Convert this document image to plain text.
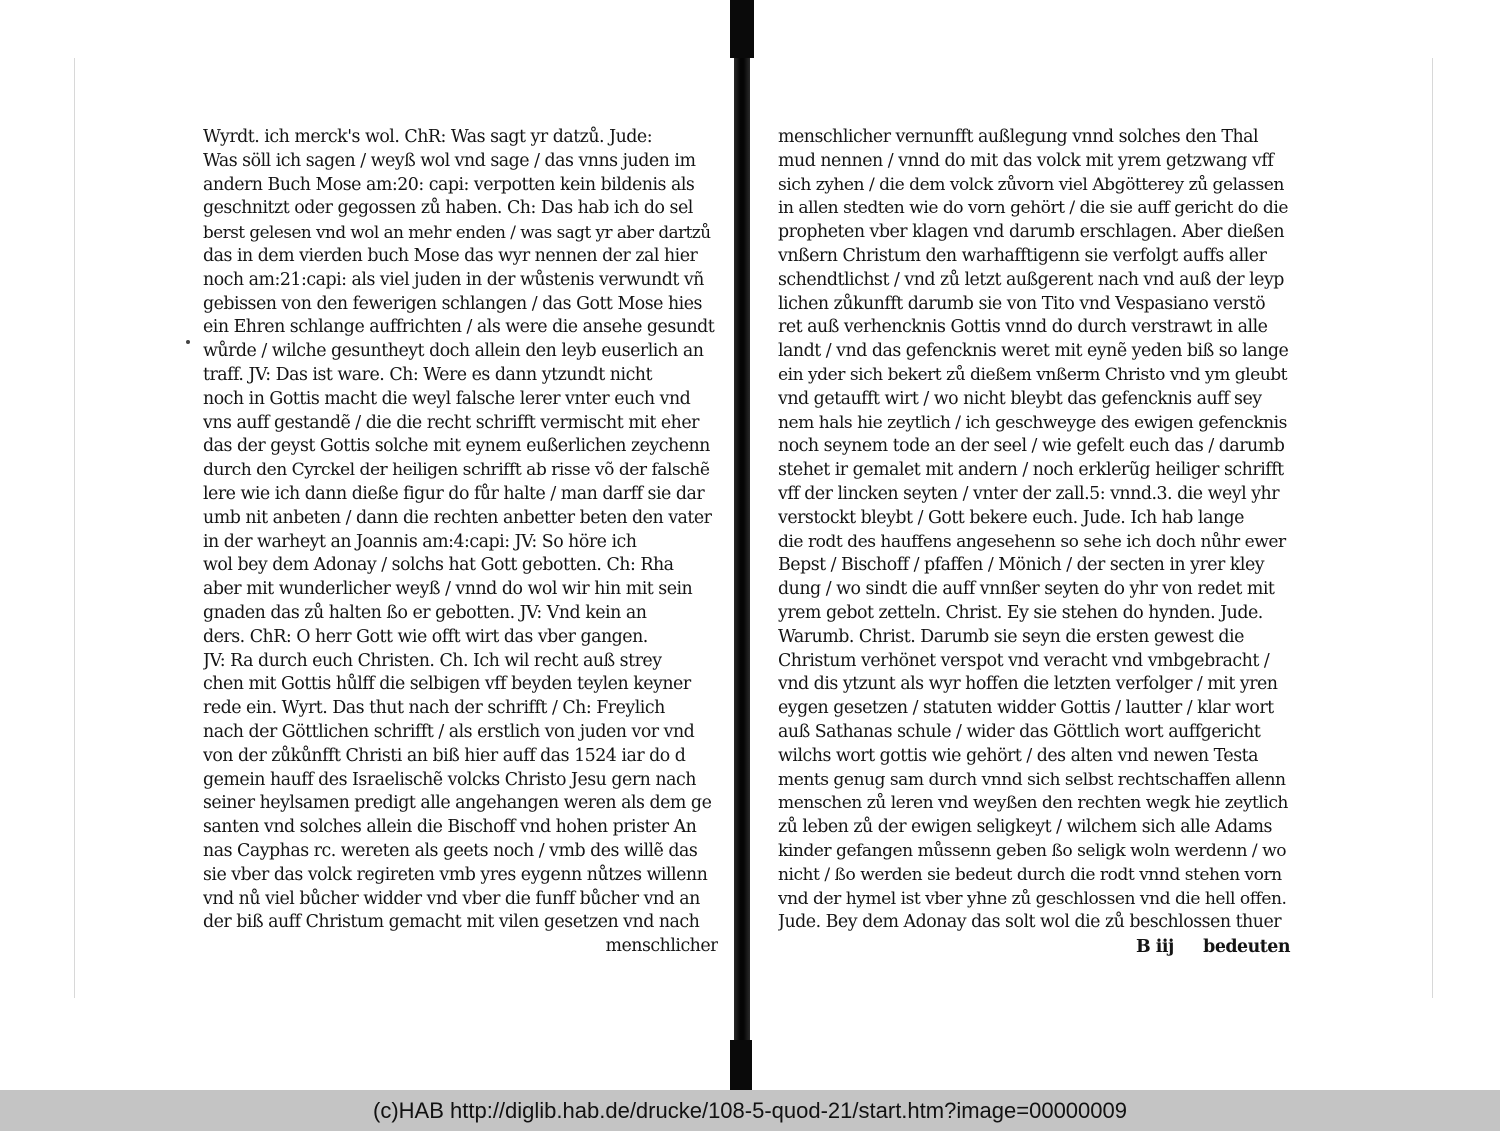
Wyrdt. ich merck's wol. ChR: Was sagt yr datzů. Jude:
Was söll ich sagen / weyß wol vnd sage / das vnns juden im
andern Buch Mose am:20: capi: verpotten kein bildenis als
geschnitzt oder gegossen zů haben. Ch: Das hab ich do sel
berst gelesen vnd wol an mehr enden / was sagt yr aber dartzů
das in dem vierden buch Mose das wyr nennen der zal hier
noch am:21:capi: als viel juden in der wůstenis verwundt vñ
gebissen von den fewerigen schlangen / das Gott Mose hies
ein Ehren schlange auffrichten / als were die ansehe gesundt
wůrde / wilche gesuntheyt doch allein den leyb euserlich an
traff. JV: Das ist ware. Ch: Were es dann ytzundt nicht
noch in Gottis macht die weyl falsche lerer vnter euch vnd
vns auff gestandẽ / die die recht schrifft vermischt mit eher
das der geyst Gottis solche mit eynem eußerlichen zeychenn
durch den Cyrckel der heiligen schrifft ab risse võ der falschẽ
lere wie ich dann dieße figur do fůr halte / man darff sie dar
umb nit anbeten / dann die rechten anbetter beten den vater
in der warheyt an Joannis am:4:capi: JV: So höre ich
wol bey dem Adonay / solchs hat Gott gebotten. Ch: Rha
aber mit wunderlicher weyß / vnnd do wol wir hin mit sein
gnaden das zů halten ßo er gebotten. JV: Vnd kein an
ders. ChR: O herr Gott wie offt wirt das vber gangen.
JV: Ra durch euch Christen. Ch. Ich wil recht auß strey
chen mit Gottis hůlff die selbigen vff beyden teylen keyner
rede ein. Wyrt. Das thut nach der schrifft / Ch: Freylich
nach der Göttlichen schrifft / als erstlich von juden vor vnd
von der zůkůnfft Christi an biß hier auff das 1524 iar do d
gemein hauff des Israelischẽ volcks Christo Jesu gern nach
seiner heylsamen predigt alle angehangen weren als dem ge
santen vnd solches allein die Bischoff vnd hohen prister An
nas Cayphas rc. wereten als geets noch / vmb des willẽ das
sie vber das volck regireten vmb yres eygenn nůtzes willenn
vnd nů viel bůcher widder vnd vber die funff bůcher vnd an
der biß auff Christum gemacht mit vilen gesetzen vnd nach
menschlicher
menschlicher vernunfft außlegung vnnd solches den Thal
mud nennen / vnnd do mit das volck mit yrem getzwang vff
sich zyhen / die dem volck zůvorn viel Abgötterey zů gelassen
in allen stedten wie do vorn gehört / die sie auff gericht do die
propheten vber klagen vnd darumb erschlagen. Aber dießen
vnßern Christum den warhafftigenn sie verfolgt auffs aller
schendtlichst / vnd zů letzt außgerent nach vnd auß der leyp
lichen zůkunfft darumb sie von Tito vnd Vespasiano verstö
ret auß verhencknis Gottis vnnd do durch verstrawt in alle
landt / vnd das gefencknis weret mit eynẽ yeden biß so lange
ein yder sich bekert zů dießem vnßerm Christo vnd ym gleubt
vnd getaufft wirt / wo nicht bleybt das gefencknis auff sey
nem hals hie zeytlich / ich geschweyge des ewigen gefencknis
noch seynem tode an der seel / wie gefelt euch das / darumb
stehet ir gemalet mit andern / noch erklerũg heiliger schrifft
vff der lincken seyten / vnter der zall.5: vnnd.3. die weyl yhr
verstockt bleybt / Gott bekere euch. Jude. Ich hab lange
die rodt des hauffens angesehenn so sehe ich doch nůhr ewer
Bepst / Bischoff / pfaffen / Mönich / der secten in yrer kley
dung / wo sindt die auff vnnßer seyten do yhr von redet mit
yrem gebot zetteln. Christ. Ey sie stehen do hynden. Jude.
Warumb. Christ. Darumb sie seyn die ersten gewest die
Christum verhönet verspot vnd veracht vnd vmbgebracht /
vnd dis ytzunt als wyr hoffen die letzten verfolger / mit yren
eygen gesetzen / statuten widder Gottis / lautter / klar wort
auß Sathanas schule / wider das Göttlich wort auffgericht
wilchs wort gottis wie gehört / des alten vnd newen Testa
ments genug sam durch vnnd sich selbst rechtschaffen allenn
menschen zů leren vnd weyßen den rechten wegk hie zeytlich
zů leben zů der ewigen seligkeyt / wilchem sich alle Adams
kinder gefangen můssenn geben ßo seligk woln werdenn / wo
nicht / ßo werden sie bedeut durch die rodt vnnd stehen vorn
vnd der hymel ist vber yhne zů geschlossen vnd die hell offen.
Jude. Bey dem Adonay das solt wol die zů beschlossen thuer
B iij bedeuten
(c)HAB http://diglib.hab.de/drucke/108-5-quod-21/start.htm?image=00000009
